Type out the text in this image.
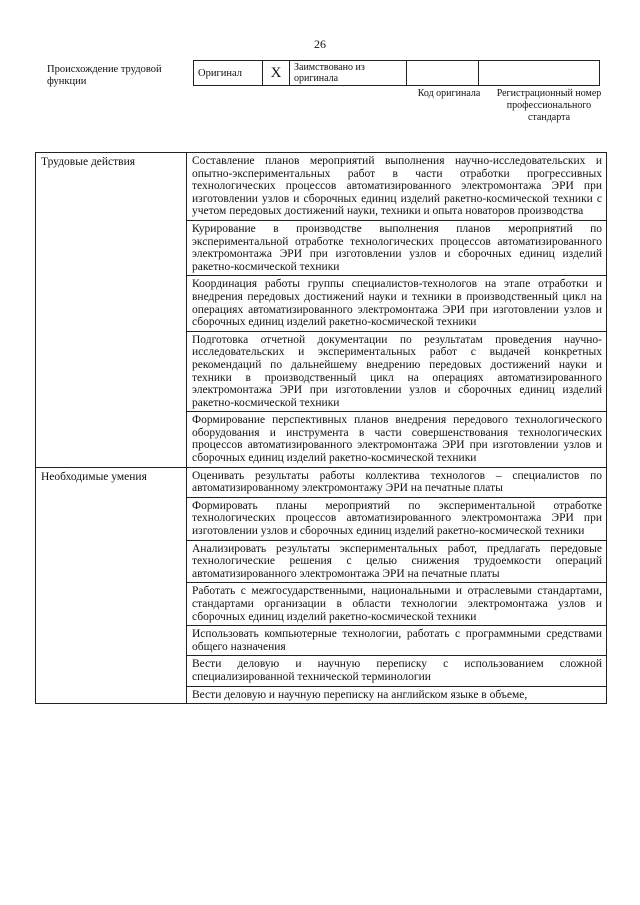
26
Происхождение трудовой функции
Оригинал	X	Заимствовано из оригинала		
Код оригинала	Регистрационный номер профессионального стандарта
Трудовые действия	Составление планов мероприятий выполнения научно-исследовательских и опытно-экспериментальных работ в части отработки прогрессивных технологических процессов автоматизированного электромонтажа ЭРИ при изготовлении узлов и сборочных единиц изделий ракетно-космической техники с учетом передовых достижений науки, техники и опыта новаторов производства
	Курирование в производстве выполнения планов мероприятий по экспериментальной отработке технологических процессов автоматизированного электромонтажа ЭРИ при изготовлении узлов и сборочных единиц изделий ракетно-космической техники
	Координация работы группы специалистов-технологов на этапе отработки и внедрения передовых достижений науки и техники в производственный цикл на операциях автоматизированного электромонтажа ЭРИ при изготовлении узлов и сборочных единиц изделий ракетно-космической техники
	Подготовка отчетной документации по результатам проведения научно-исследовательских и экспериментальных работ с выдачей конкретных рекомендаций по дальнейшему внедрению передовых достижений науки и техники в производственный цикл на операциях автоматизированного электромонтажа ЭРИ при изготовлении узлов и сборочных единиц изделий ракетно-космической техники
	Формирование перспективных планов внедрения передового технологического оборудования и инструмента в части совершенствования технологических процессов автоматизированного электромонтажа ЭРИ при изготовлении узлов и сборочных единиц изделий ракетно-космической техники
Необходимые умения	Оценивать результаты работы коллектива технологов – специалистов по автоматизированному электромонтажу ЭРИ на печатные платы
	Формировать планы мероприятий по экспериментальной отработке технологических процессов автоматизированного электромонтажа ЭРИ при изготовлении узлов и сборочных единиц изделий ракетно-космической техники
	Анализировать результаты экспериментальных работ, предлагать передовые технологические решения с целью снижения трудоемкости операций автоматизированного электромонтажа ЭРИ на печатные платы
	Работать с межгосударственными, национальными и отраслевыми стандартами, стандартами организации в области технологии электромонтажа узлов и сборочных единиц изделий ракетно-космической техники
	Использовать компьютерные технологии, работать с программными средствами общего назначения
	Вести деловую и научную переписку с использованием сложной специализированной технической терминологии
	Вести деловую и научную переписку на английском языке в объеме,
